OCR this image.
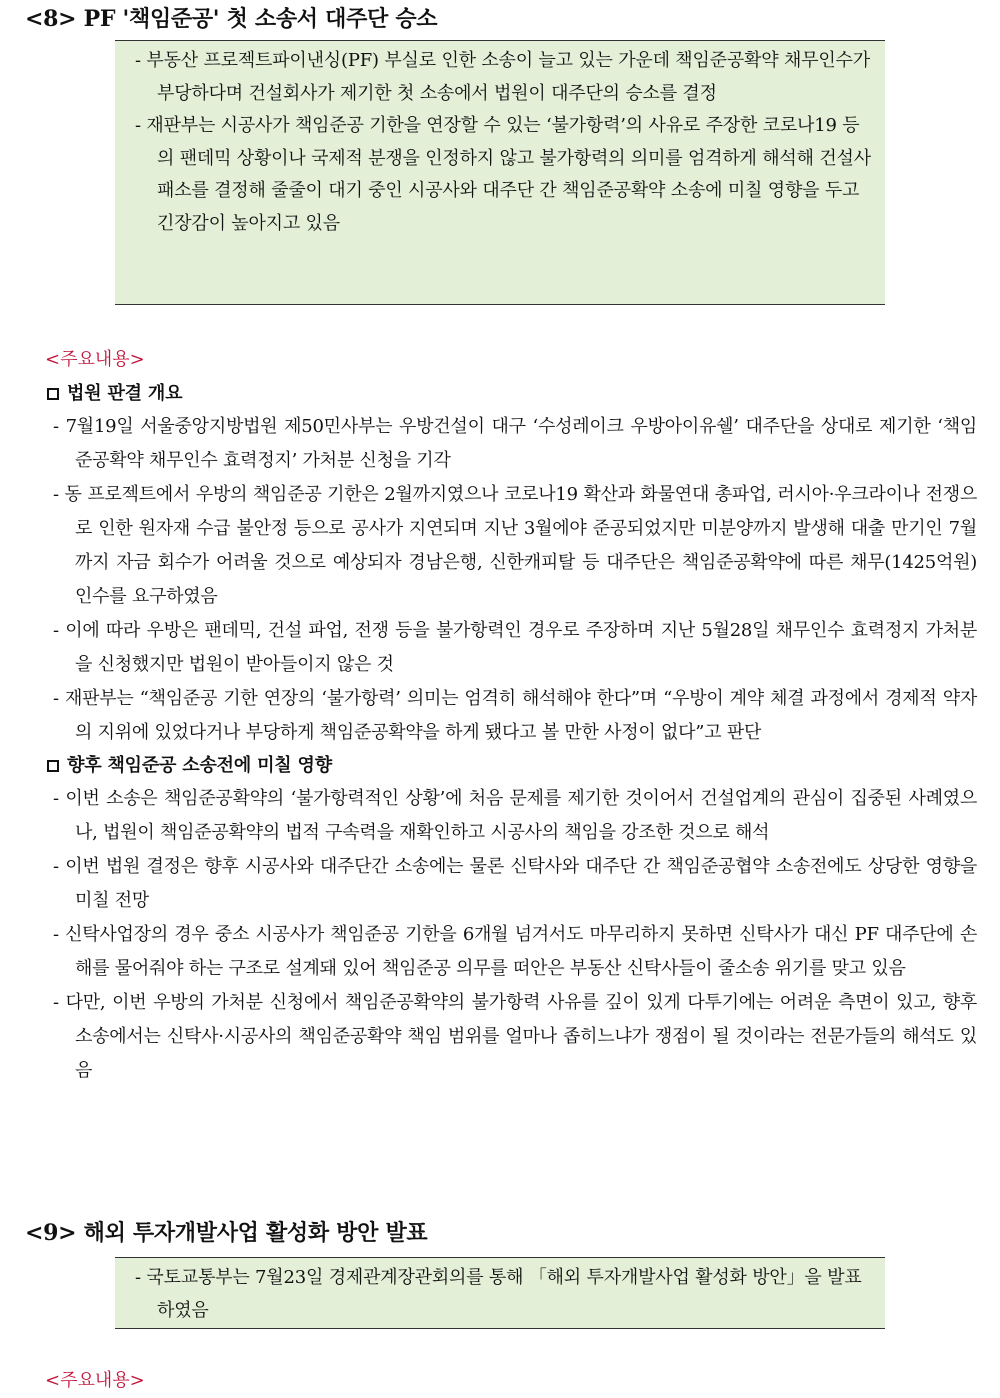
<8> PF '책임준공' 첫 소송서 대주단 승소

- 부동산 프로젝트파이낸싱(PF) 부실로 인한 소송이 늘고 있는 가운데 책임준공확약 채무인수가 부당하다며 건설회사가 제기한 첫 소송에서 법원이 대주단의 승소를 결정

- 재판부는 시공사가 책임준공 기한을 연장할 수 있는 ‘불가항력’의 사유로 주장한 코로나19 등의 팬데믹 상황이나 국제적 분쟁을 인정하지 않고 불가항력의 의미를 엄격하게 해석해 건설사 패소를 결정해 줄줄이 대기 중인 시공사와 대주단 간 책임준공확약 소송에 미칠 영향을 두고 긴장감이 높아지고 있음

<주요내용>
법원 판결 개요

- 7월19일 서울중앙지방법원 제50민사부는 우방건설이 대구 ‘수성레이크 우방아이유쉘’ 대주단을 상대로 제기한 ‘책임준공확약 채무인수 효력정지’ 가처분 신청을 기각

- 동 프로젝트에서 우방의 책임준공 기한은 2월까지였으나 코로나19 확산과 화물연대 총파업, 러시아·우크라이나 전쟁으로 인한 원자재 수급 불안정 등으로 공사가 지연되며 지난 3월에야 준공되었지만 미분양까지 발생해 대출 만기인 7월까지 자금 회수가 어려울 것으로 예상되자 경남은행, 신한캐피탈 등 대주단은 책임준공확약에 따른 채무(1425억원) 인수를 요구하였음

- 이에 따라 우방은 팬데믹, 건설 파업, 전쟁 등을 불가항력인 경우로 주장하며 지난 5월28일 채무인수 효력정지 가처분을 신청했지만 법원이 받아들이지 않은 것

- 재판부는 “책임준공 기한 연장의 ‘불가항력’ 의미는 엄격히 해석해야 한다”며 “우방이 계약 체결 과정에서 경제적 약자의 지위에 있었다거나 부당하게 책임준공확약을 하게 됐다고 볼 만한 사정이 없다”고 판단

향후 책임준공 소송전에 미칠 영향

- 이번 소송은 책임준공확약의 ‘불가항력적인 상황’에 처음 문제를 제기한 것이어서 건설업계의 관심이 집중된 사례였으나, 법원이 책임준공확약의 법적 구속력을 재확인하고 시공사의 책임을 강조한 것으로 해석

- 이번 법원 결정은 향후 시공사와 대주단간 소송에는 물론 신탁사와 대주단 간 책임준공협약 소송전에도 상당한 영향을 미칠 전망

- 신탁사업장의 경우 중소 시공사가 책임준공 기한을 6개월 넘겨서도 마무리하지 못하면 신탁사가 대신 PF 대주단에 손해를 물어줘야 하는 구조로 설계돼 있어 책임준공 의무를 떠안은 부동산 신탁사들이 줄소송 위기를 맞고 있음

- 다만, 이번 우방의 가처분 신청에서 책임준공확약의 불가항력 사유를 깊이 있게 다투기에는 어려운 측면이 있고, 향후 소송에서는 신탁사·시공사의 책임준공확약 책임 범위를 얼마나 좁히느냐가 쟁점이 될 것이라는 전문가들의 해석도 있음

<9> 해외 투자개발사업 활성화 방안 발표

- 국토교통부는 7월23일 경제관계장관회의를 통해 「해외 투자개발사업 활성화 방안」을 발표하였음

<주요내용>
